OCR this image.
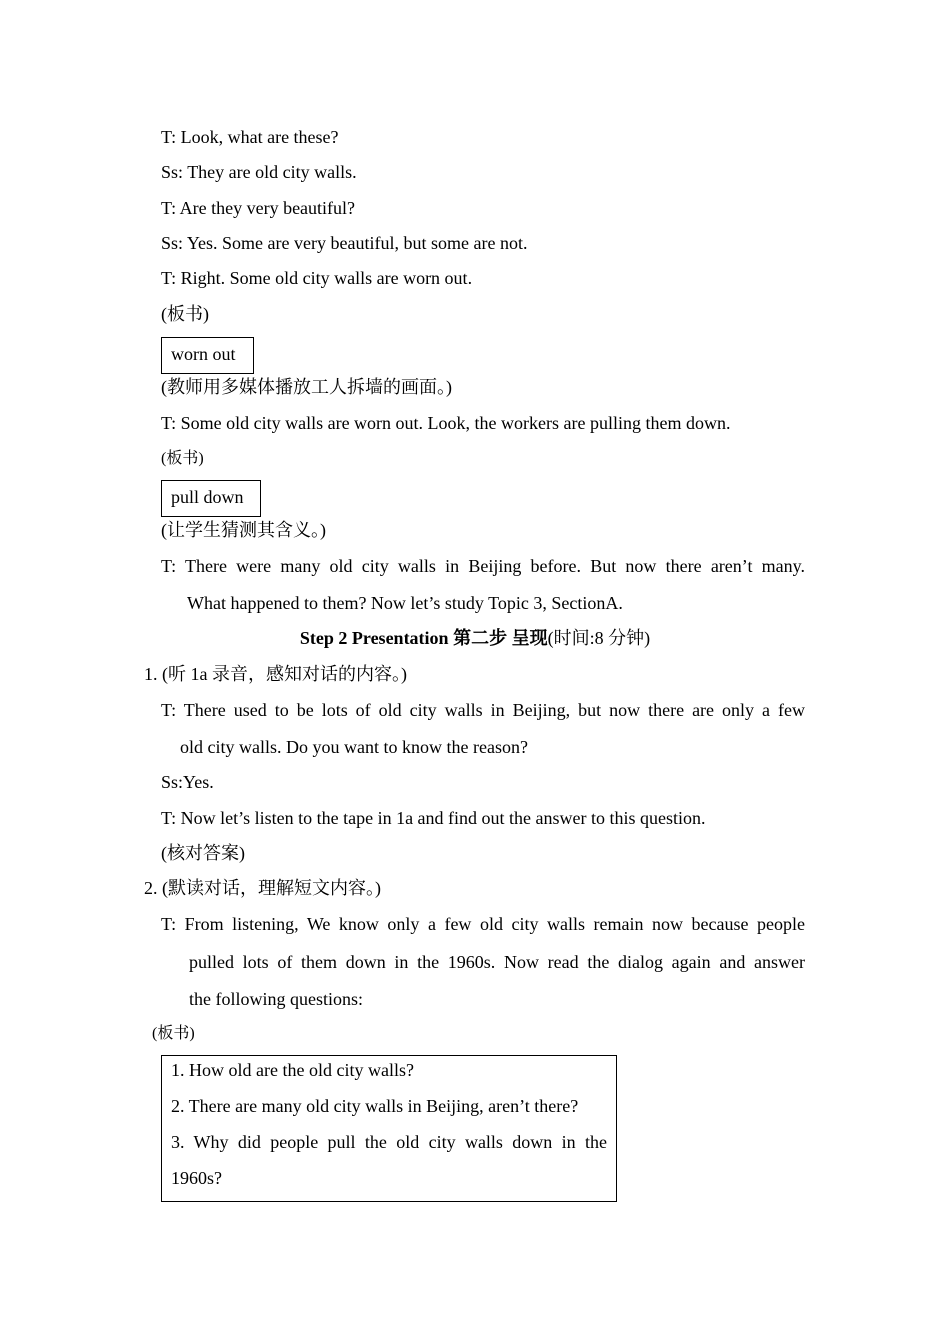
T: Look, what are these?
Ss: They are old city walls.
T: Are they very beautiful?
Ss: Yes. Some are very beautiful, but some are not.
T: Right. Some old city walls are worn out.
(板书)
worn out
(教师用多媒体播放工人拆墙的画面。)
T: Some old city walls are worn out. Look, the workers are pulling them down.
(板书)
pull down
(让学生猜测其含义。)
T: There were many old city walls in Beijing before. But now there aren’t many.
What happened to them? Now let’s study Topic 3, SectionA.
Step 2 Presentation 第二步 呈现(时间:8 分钟)
1. (听 1a 录音，感知对话的内容。)
T: There used to be lots of old city walls in Beijing, but now there are only a few
old city walls. Do you want to know the reason?
Ss:Yes.
T: Now let’s listen to the tape in 1a and find out the answer to this question.
(核对答案)
2. (默读对话，理解短文内容。)
T: From listening, We know only a few old city walls remain now because people
pulled lots of them down in the 1960s. Now read the dialog again and answer
the following questions:
(板书)
1. How old are the old city walls?
2. There are many old city walls in Beijing, aren’t there?
3. Why did people pull the old city walls down in the
1960s?
